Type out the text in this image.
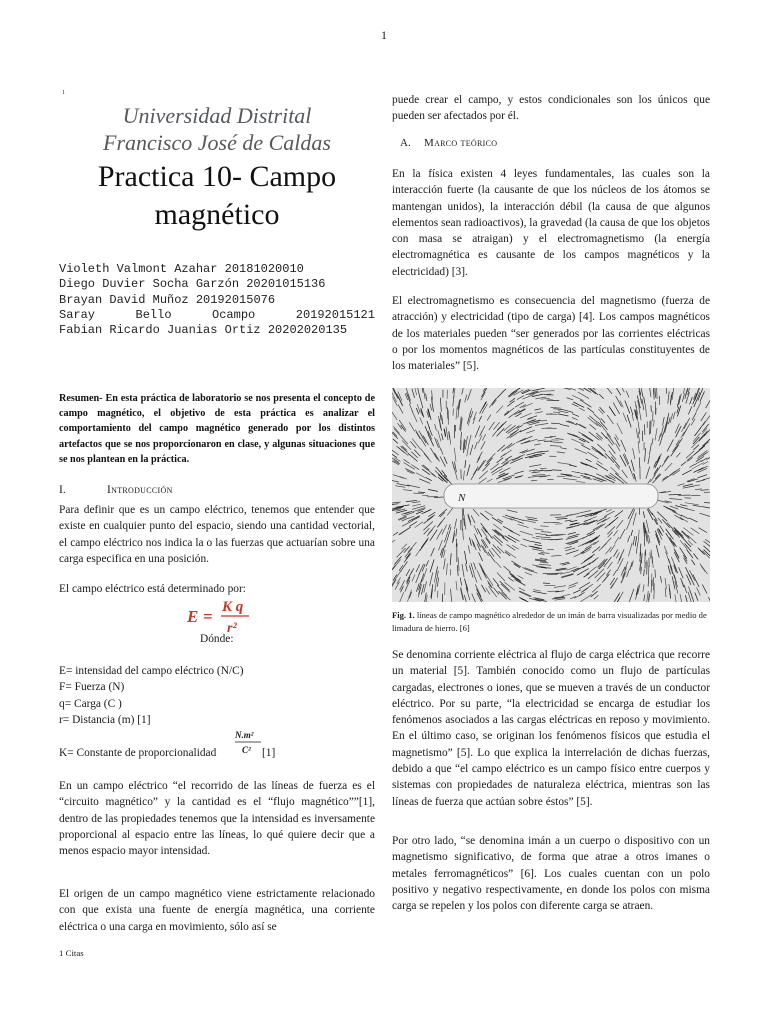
1
1
Universidad Distrital
Francisco José de Caldas
Practica 10- Campo
magnético
Violeth Valmont Azahar 20181020010
Diego Duvier Socha Garzón 20201015136
Brayan David Muñoz 20192015076
Saray	Bello	Ocampo	20192015121
Fabian Ricardo Juanias Ortiz 20202020135
Resumen- En esta práctica de laboratorio se nos presenta el concepto de campo magnético, el objetivo de esta práctica es analizar el comportamiento del campo magnético generado por los distintos artefactos que se nos proporcionaron en clase, y algunas situaciones que se nos plantean en la práctica.
I.	Introducción
Para definir que es un campo eléctrico, tenemos que entender que existe en cualquier punto del espacio, siendo una cantidad vectorial, el campo eléctrico nos indica la o las fuerzas que actuarían sobre una carga especifica en una posición.
El campo eléctrico está determinado por:
E = K q
r²
Dónde:
E= intensidad del campo eléctrico (N/C)
F= Fuerza (N)
q= Carga (C )
r= Distancia (m) [1]
K= Constante de proporcionalidad
N.m²
C² [1]
En un campo eléctrico “el recorrido de las líneas de fuerza es el “circuito magnético” y la cantidad es el “flujo magnético””[1], dentro de las propiedades tenemos que la intensidad es inversamente proporcional al espacio entre las líneas, lo qué quiere decir que a menos espacio mayor intensidad.
El origen de un campo magnético viene estrictamente relacionado con que exista una fuente de energía magnética, una corriente eléctrica o una carga en movimiento, sólo así se
1 Citas
puede crear el campo, y estos condicionales son los únicos que pueden ser afectados por él.
A. Marco teórico
En la física existen 4 leyes fundamentales, las cuales son la interacción fuerte (la causante de que los núcleos de los átomos se mantengan unidos), la interacción débil (la causa de que algunos elementos sean radioactivos), la gravedad (la causa de que los objetos con masa se atraigan) y el electromagnetismo (la energía electromagnética es causante de los campos magnéticos y la electricidad) [3].
El electromagnetismo es consecuencia del magnetismo (fuerza de atracción) y electricidad (tipo de carga) [4]. Los campos magnéticos de los materiales pueden “ser generados por las corrientes eléctricas o por los momentos magnéticos de las partículas constituyentes de los materiales” [5].
N
Fig. 1. líneas de campo magnético alrededor de un imán de barra visualizadas por medio de limadura de hierro. [6]
Se denomina corriente eléctrica al flujo de carga eléctrica que recorre un material [5]. También conocido como un flujo de partículas cargadas, electrones o iones, que se mueven a través de un conductor eléctrico. Por su parte, “la electricidad se encarga de estudiar los fenómenos asociados a las cargas eléctricas en reposo y movimiento. En el último caso, se originan los fenómenos físicos que estudia el magnetismo” [5]. Lo que explica la interrelación de dichas fuerzas, debido a que “el campo eléctrico es un campo físico entre cuerpos y sistemas con propiedades de naturaleza eléctrica, mientras son las líneas de fuerza que actúan sobre éstos” [5].
Por otro lado, “se denomina imán a un cuerpo o dispositivo con un magnetismo significativo, de forma que atrae a otros imanes o metales ferromagnéticos” [6]. Los cuales cuentan con un polo positivo y negativo respectivamente, en donde los polos con misma carga se repelen y los polos con diferente carga se atraen.
